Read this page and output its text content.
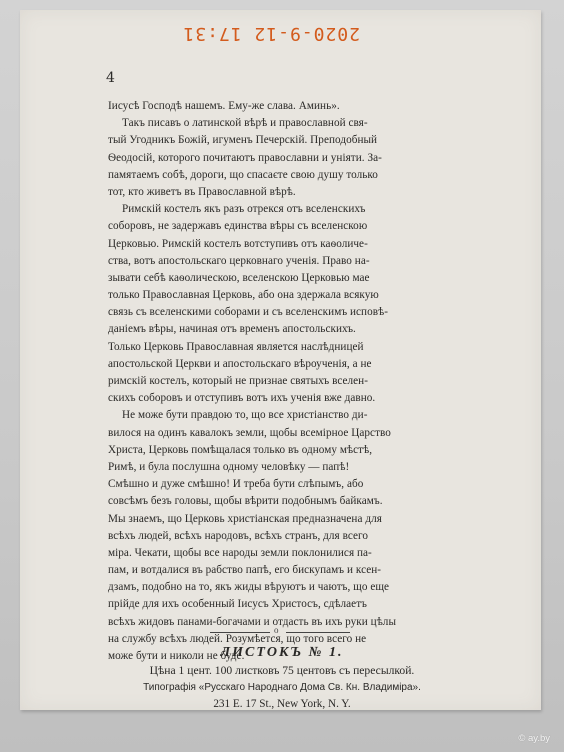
2020-9-12 17:31
4
Іисусѣ Господѣ нашемъ. Ему-же слава. Аминь».
Такъ писавъ о латинской вѣрѣ и православной свя-
тый Угодникъ Божій, игуменъ Печерскій. Преподобный
Ѳеодосій, которого почитаютъ православни и уніяти. За-
памятаемъ собѣ, дороги, що спасаєте свою душу только
тот, кто живетъ въ Православной вѣрѣ.
Римскій костелъ якъ разъ отрекся отъ вселенскихъ
соборовъ, не задержавъ единства вѣры съ вселенскою
Церковью. Римскій костелъ вотступивъ отъ каѳоличе-
ства, вотъ апостольскаго церковнаго ученія. Право на-
зывати себѣ каѳолическою, вселенскою Церковью мае
только Православная Церковь, або она здержала всякую
связь съ вселенскими соборами и съ вселенскимъ исповѣ-
даніемъ вѣры, начиная отъ временъ апостольскихъ.
Только Церковь Православная является наслѣдницей
апостольской Церкви и апостольскаго вѣроученія, а не
римскій костелъ, который не признае святыхъ вселен-
скихъ соборовъ и отступивъ вотъ ихъ ученія вже давно.
Не може бути правдою то, що все христіанство ди-
вилося на одинъ кавалокъ земли, щобы всемірное Царство
Христа, Церковь помѣщалася только въ одному мѣстѣ,
Римѣ, и була послушна одному человѣку — папѣ!
Смѣшно и дуже смѣшно! И треба бути слѣпымъ, або
совсѣмъ безъ головы, щобы вѣрити подобнымъ байкамъ.
Мы знаемъ, що Церковь христіанская предназначена для
всѣхъ людей, всѣхъ народовъ, всѣхъ странъ, для всего
міра. Чекати, щобы все народы земли поклонилися па-
пам, и вотдалися въ рабство папѣ, его бискупамъ и ксен-
дзамъ, подобно на то, якъ жиды вѣруютъ и чаютъ, що еще
прійде для ихъ особенный Іисусъ Христосъ, сдѣлаетъ
всѣхъ жидовъ панами-богачами и отдасть въ ихъ руки цѣлы
на службу всѣхъ людей. Розумѣется, що того всего не
може бути и николи не буде.
o
ЛИСТОКЪ № 1.
Цѣна 1 цент. 100 листковъ 75 центовъ съ пересылкой.
Типографія «Русскаго Народнаго Дома Св. Кн. Владиміра».
231 E. 17 St., New York, N. Y.
© ay.by
